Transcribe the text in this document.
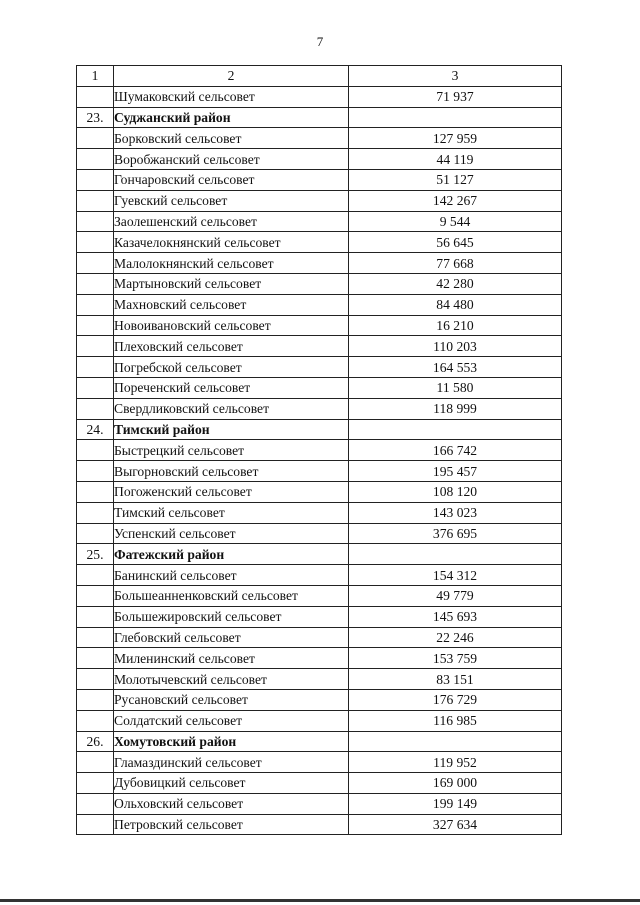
7
1	2	3
	Шумаковский сельсовет	71 937
23.	Суджанский район	
	Борковский сельсовет	127 959
	Воробжанский сельсовет	44 119
	Гончаровский сельсовет	51 127
	Гуевский сельсовет	142 267
	Заолешенский сельсовет	9 544
	Казачелокнянский сельсовет	56 645
	Малолокнянский сельсовет	77 668
	Мартыновский сельсовет	42 280
	Махновский сельсовет	84 480
	Новоивановский сельсовет	16 210
	Плеховский сельсовет	110 203
	Погребской сельсовет	164 553
	Пореченский сельсовет	11 580
	Свердликовский сельсовет	118 999
24.	Тимский район	
	Быстрецкий сельсовет	166 742
	Выгорновский сельсовет	195 457
	Погоженский сельсовет	108 120
	Тимский сельсовет	143 023
	Успенский сельсовет	376 695
25.	Фатежский район	
	Банинский сельсовет	154 312
	Большеанненковский сельсовет	49 779
	Большежировский сельсовет	145 693
	Глебовский сельсовет	22 246
	Миленинский сельсовет	153 759
	Молотычевский сельсовет	83 151
	Русановский сельсовет	176 729
	Солдатский сельсовет	116 985
26.	Хомутовский район	
	Гламаздинский сельсовет	119 952
	Дубовицкий сельсовет	169 000
	Ольховский сельсовет	199 149
	Петровский сельсовет	327 634
